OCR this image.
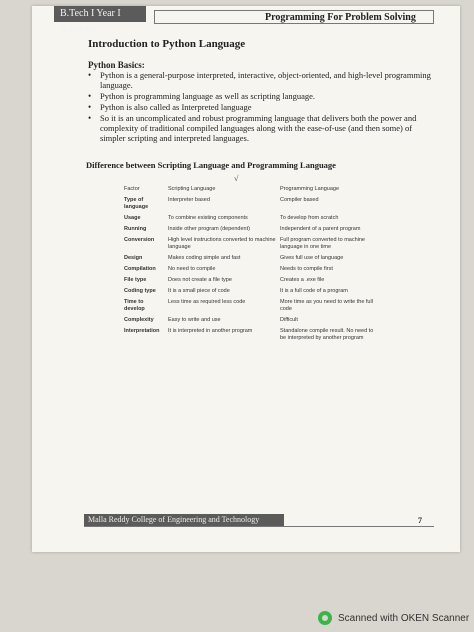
B.Tech I Year I Semester
Programming For Problem Solving
Introduction to Python Language
Python Basics:
• Python is a general-purpose interpreted, interactive, object-oriented, and high-level programming language.
• Python is programming language as well as scripting language.
• Python is also called as Interpreted language
• So it is an uncomplicated and robust programming language that delivers both the power and complexity of traditional compiled languages along with the ease-of-use (and then some) of simpler scripting and interpreted languages.
Difference between Scripting Language and Programming Language
√
Factor	Scripting Language	Programming Language
Type of language	Interpreter based	Compiler based
Usage	To combine existing components	To develop from scratch
Running	Inside other program (dependent)	Independent of a parent program
Conversion	High level instructions converted to machine language	Full program converted to machine language in one time
Design	Makes coding simple and fast	Gives full use of language
Compilation	No need to compile	Needs to compile first
File type	Does not create a file type	Creates a .exe file
Coding type	It is a small piece of code	It is a full code of a program
Time to develop	Less time as required less code	More time as you need to write the full code
Complexity	Easy to write and use	Difficult
Interpretation	It is interpreted in another program	Standalone compile result. No need to be interpreted by another program
Malla Reddy College of Engineering and Technology	7
Scanned with OKEN Scanner
